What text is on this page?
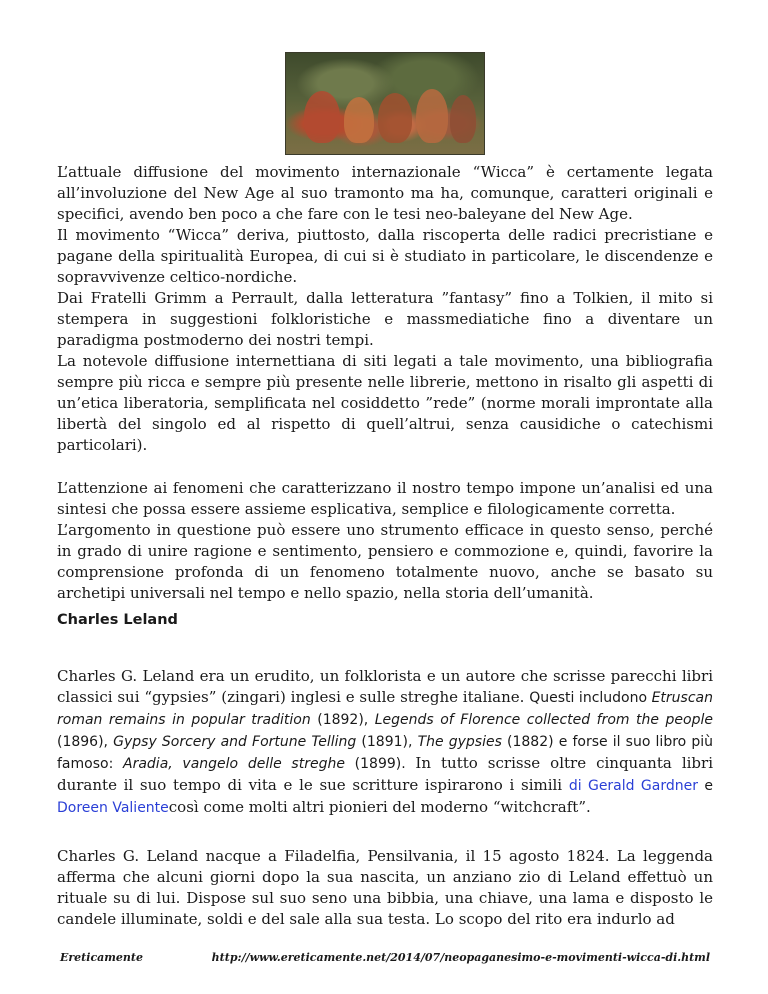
L’attuale diffusione del movimento internazionale “Wicca” è certamente legata all’involuzione del New Age al suo tramonto ma ha, comunque, caratteri originali e specifici, avendo ben poco a che fare con le tesi neo-baleyane del New Age.
Il movimento “Wicca” deriva, piuttosto, dalla riscoperta delle radici precristiane e pagane della spiritualità Europea, di cui si è studiato in particolare, le discendenze e sopravvivenze celtico-nordiche.
Dai Fratelli Grimm a Perrault, dalla letteratura ”fantasy” fino a Tolkien, il mito si stempera in suggestioni folkloristiche e massmediatiche fino a diventare un paradigma postmoderno dei nostri tempi.
La notevole diffusione internettiana di siti legati a tale movimento, una bibliografia sempre più ricca e sempre più presente nelle librerie, mettono in risalto gli aspetti di un’etica liberatoria, semplificata nel cosiddetto ”rede” (norme morali improntate alla libertà del singolo ed al rispetto di quell’altrui, senza causidiche o catechismi particolari).

L’attenzione ai fenomeni che caratterizzano il nostro tempo impone un’analisi ed una sintesi che possa essere assieme esplicativa, semplice e filologicamente corretta.
L’argomento in questione può essere uno strumento efficace in questo senso, perché in grado di unire ragione e sentimento, pensiero e commozione e, quindi, favorire la comprensione profonda di un fenomeno totalmente nuovo, anche se basato su archetipi universali nel tempo e nello spazio, nella storia dell’umanità.

Charles Leland

Charles G. Leland era un erudito, un folklorista e un autore che scrisse parecchi libri classici sui “gypsies” (zingari) inglesi e sulle streghe italiane. Questi includono Etruscan roman remains in popular tradition (1892), Legends of Florence collected from the people (1896), Gypsy Sorcery and Fortune Telling (1891), The gypsies (1882) e forse il suo libro più famoso: Aradia, vangelo delle streghe (1899). In tutto scrisse oltre cinquanta libri durante il suo tempo di vita e le sue scritture ispirarono i simili di Gerald Gardner e Doreen Valientecosì come molti altri pionieri del moderno “witchcraft”.

Charles G. Leland nacque a Filadelfia, Pensilvania, il 15 agosto 1824. La leggenda afferma che alcuni giorni dopo la sua nascita, un anziano zio di Leland effettuò un rituale su di lui. Dispose sul suo seno una bibbia, una chiave, una lama e disposto le candele illuminate, soldi e del sale alla sua testa. Lo scopo del rito era indurlo ad

Ereticamente	http://www.ereticamente.net/2014/07/neopaganesimo-e-movimenti-wicca-di.html
